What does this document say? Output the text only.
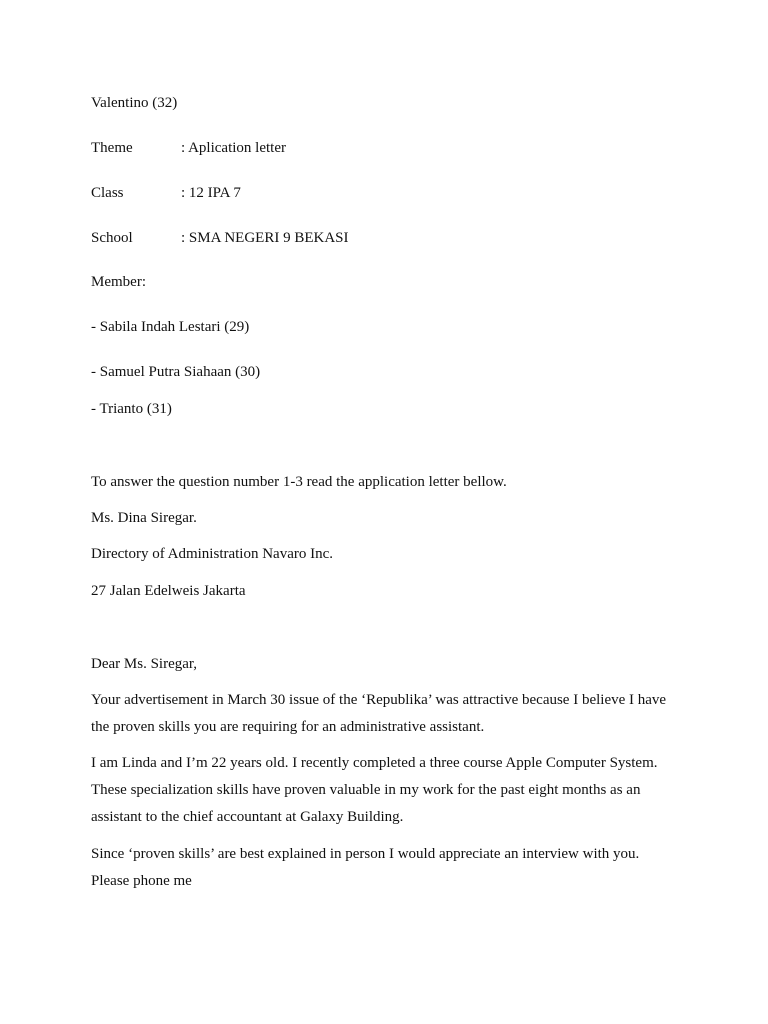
Valentino (32)
Theme	: Aplication letter
Class	: 12 IPA 7
School	: SMA NEGERI 9 BEKASI
Member:
- Sabila Indah Lestari (29)
- Samuel Putra Siahaan (30)
- Trianto (31)
To answer the question number 1-3 read the application letter bellow.
Ms. Dina Siregar.
Directory of Administration Navaro Inc.
27 Jalan Edelweis Jakarta
Dear Ms. Siregar,
Your advertisement in March 30 issue of the ‘Republika’ was attractive because I believe I have
the proven skills you are requiring for an administrative assistant.
I am Linda and I’m 22 years old. I recently completed a three course Apple Computer System.
These specialization skills have proven valuable in my work for the past eight months as an
assistant to the chief accountant at Galaxy Building.
Since ‘proven skills’ are best explained in person I would appreciate an interview with you.
Please phone me
